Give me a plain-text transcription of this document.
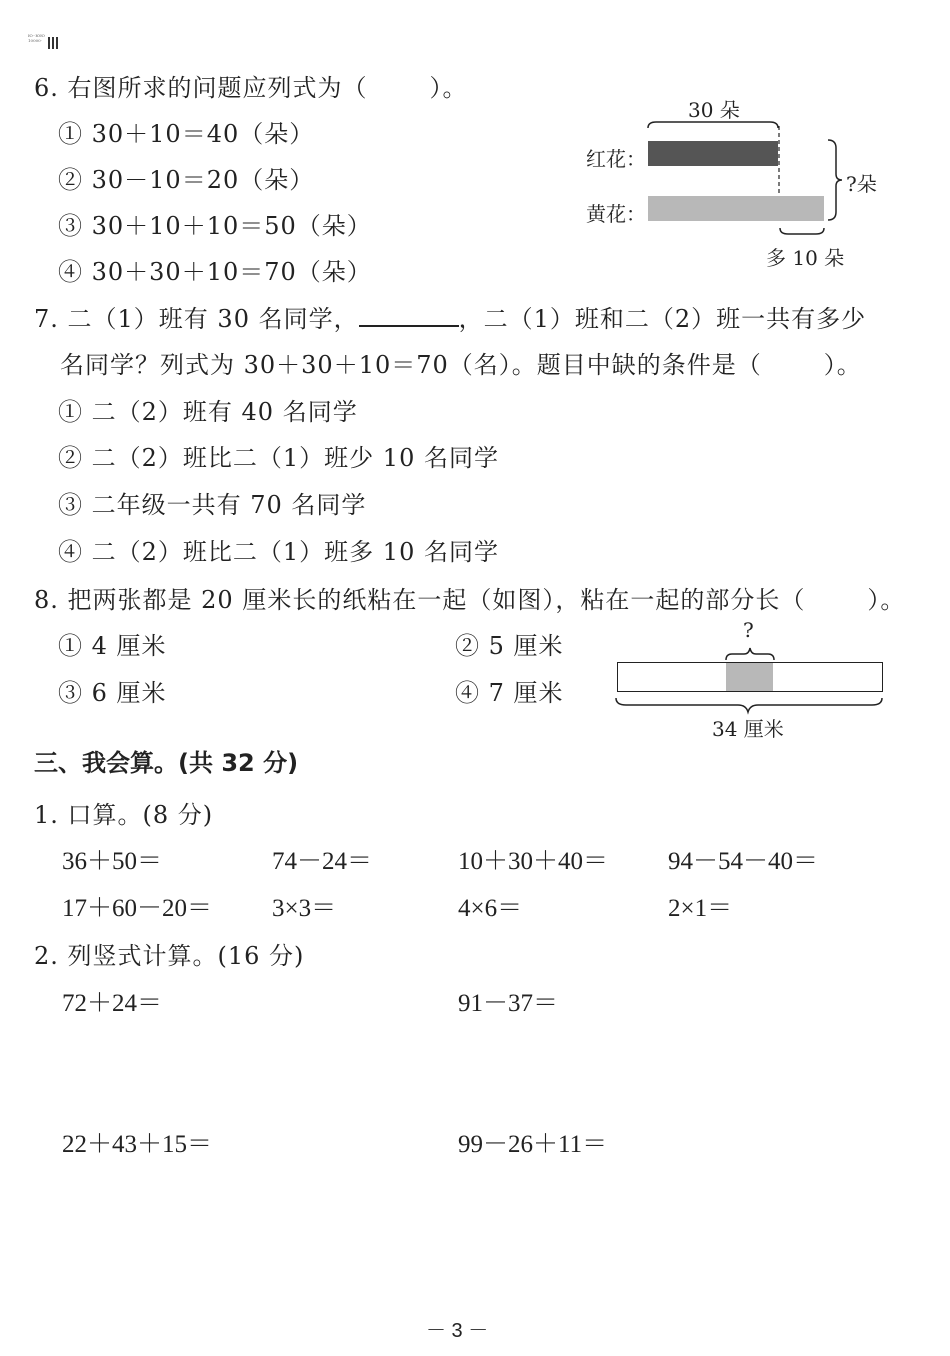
Ю··ЮЮ
10000·
6. 右图所求的问题应列式为（	）。
① 30＋10＝40（朵）
② 30－10＝20（朵）
③ 30＋10＋10＝50（朵）
④ 30＋30＋10＝70（朵）
30 朵
红花：
黄花：
?朵
多 10 朵
7. 二（1）班有 30 名同学，	，二（1）班和二（2）班一共有多少
名同学？列式为 30＋30＋10＝70（名）。题目中缺的条件是（	）。
① 二（2）班有 40 名同学
② 二（2）班比二（1）班少 10 名同学
③ 二年级一共有 70 名同学
④ 二（2）班比二（1）班多 10 名同学
8. 把两张都是 20 厘米长的纸粘在一起（如图），粘在一起的部分长（	）。
① 4 厘米	② 5 厘米
③ 6 厘米	④ 7 厘米
?
34 厘米
三、我会算。(共 32 分)
1. 口算。(8 分)
36＋50＝	74－24＝	10＋30＋40＝ 94－54－40＝
17＋60－20＝ 3×3＝	4×6＝	2×1＝
2. 列竖式计算。(16 分)
72＋24＝	91－37＝
22＋43＋15＝	99－26＋11＝
－ 3 －
